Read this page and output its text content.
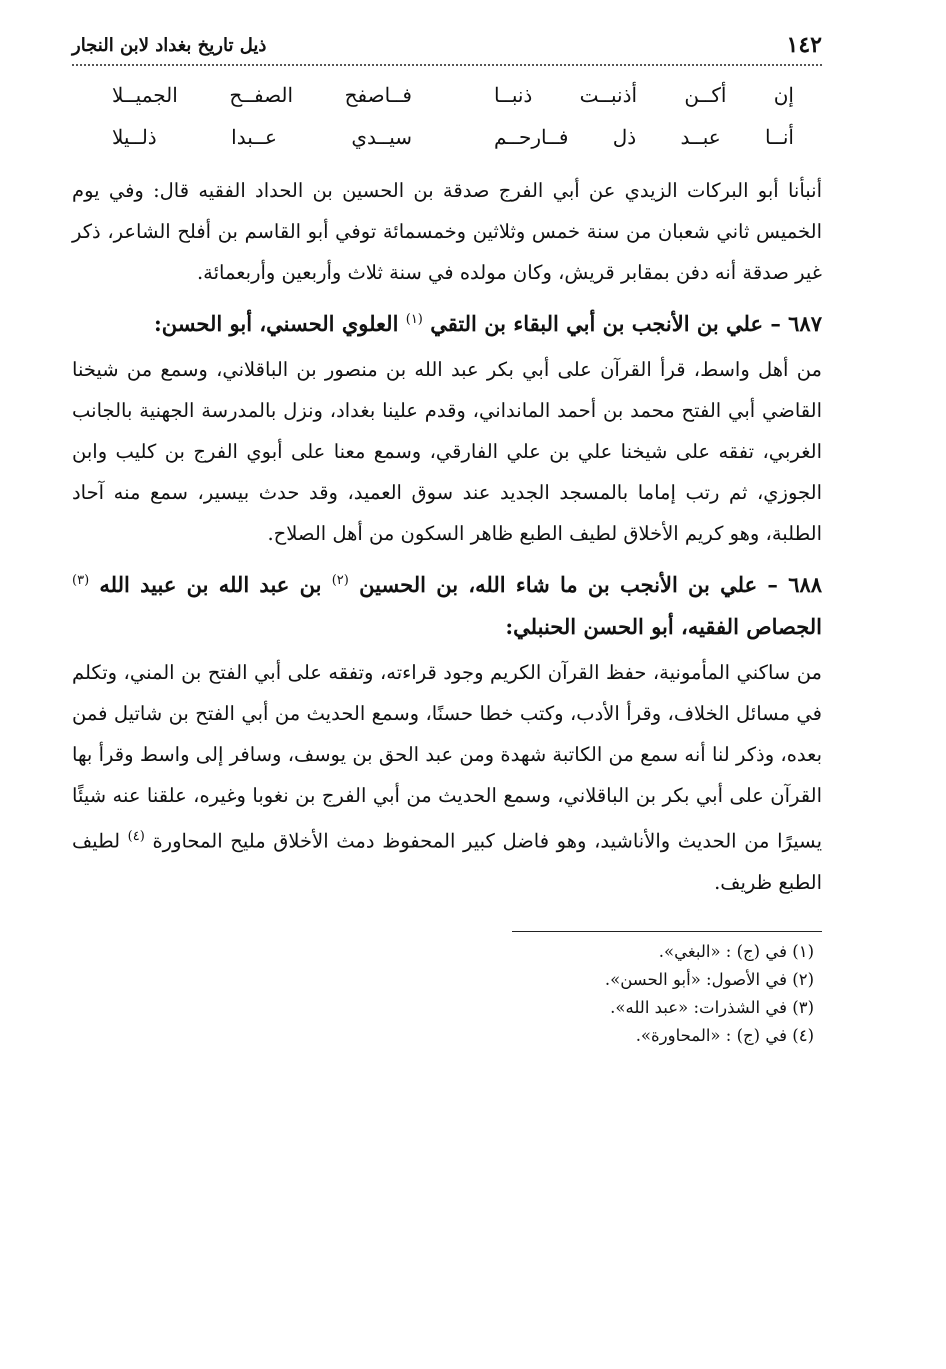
١٤٢
ذيل تاريخ بغداد لابن النجار
إن أكــن أذنبــت ذنبــا
فــاصفح الصفــح الجميــلا
أنــا عبــد ذل فــارحــم
سيــدي عــبدا ذلــيلا

أنبأنا أبو البركات الزيدي عن أبي الفرج صدقة بن الحسين بن الحداد الفقيه قال: وفي يوم الخميس ثاني شعبان من سنة خمس وثلاثين وخمسمائة توفي أبو القاسم بن أفلح الشاعر، ذكر غير صدقة أنه دفن بمقابر قريش، وكان مولده في سنة ثلاث وأربعين وأربعمائة.

٦٨٧ – علي بن الأنجب بن أبي البقاء بن التقي $^{(١)}$ العلوي الحسني، أبو الحسن:

من أهل واسط، قرأ القرآن على أبي بكر عبد الله بن منصور بن الباقلاني، وسمع من شيخنا القاضي أبي الفتح محمد بن أحمد المانداني، وقدم علينا بغداد، ونزل بالمدرسة الجهنية بالجانب الغربي، تفقه على شيخنا علي بن علي الفارقي، وسمع معنا على أبوي الفرج بن كليب وابن الجوزي، ثم رتب إماما بالمسجد الجديد عند سوق العميد، وقد حدث بيسير، سمع منه آحاد الطلبة، وهو كريم الأخلاق لطيف الطبع ظاهر السكون من أهل الصلاح.

٦٨٨ – علي بن الأنجب بن ما شاء الله، بن الحسين $^{(٢)}$ بن عبد الله بن عبيد الله $^{(٣)}$ الجصاص الفقيه، أبو الحسن الحنبلي:

من ساكني المأمونية، حفظ القرآن الكريم وجود قراءته، وتفقه على أبي الفتح بن المني، وتكلم في مسائل الخلاف، وقرأ الأدب، وكتب خطا حسنًا، وسمع الحديث من أبي الفتح بن شاتيل فمن بعده، وذكر لنا أنه سمع من الكاتبة شهدة ومن عبد الحق بن يوسف، وسافر إلى واسط وقرأ بها القرآن على أبي بكر بن الباقلاني، وسمع الحديث من أبي الفرج بن نغوبا وغيره، علقنا عنه شيئًا يسيرًا من الحديث والأناشيد، وهو فاضل كبير المحفوظ دمث الأخلاق مليح المحاورة $^{(٤)}$ لطيف الطبع ظريف.

(١) في (ج) : «البغي».
(٢) في الأصول: «أبو الحسن».
(٣) في الشذرات: «عبد الله».
(٤) في (ج) : «المحاورة».
